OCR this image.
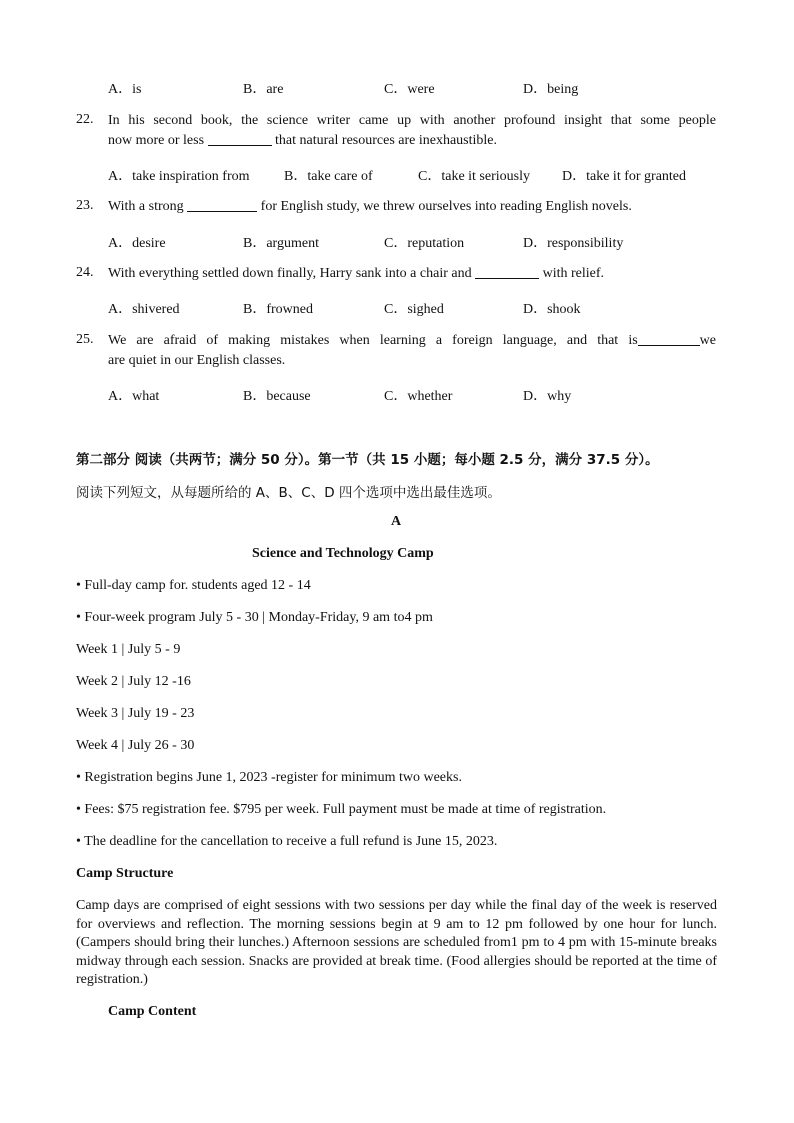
A．is	B．are	C．were	D．being
22. In his second book, the science writer came up with another profound insight that some people
now more or less	that natural resources are inexhaustible.
A．take inspiration from B．take care of	C．take it seriously D．take it for granted
23. With a strong	for English study, we threw ourselves into reading English novels.
A．desire	B．argument	C．reputation	D．responsibility
24. With everything settled down finally, Harry sank into a chair and	with relief.
A．shivered	B．frowned	C．sighed	D．shook
25. We are afraid of making mistakes when learning a foreign language, and that is	we
are quiet in our English classes.
A．what	B．because	C．whether	D．why
第二部分 阅读（共两节；满分 50 分）。第一节（共 15 小题；每小题 2.5 分，满分 37.5 分）。
阅读下列短文，从每题所给的 A、B、C、D 四个选项中选出最佳选项。
A
Science and Technology Camp
• Full-day camp for. students aged 12 - 14
• Four-week program July 5 - 30 | Monday-Friday, 9 am to4 pm
Week 1 | July 5 - 9
Week 2 | July 12 -16
Week 3 | July 19 - 23
Week 4 | July 26 - 30
• Registration begins June 1, 2023 -register for minimum two weeks.
• Fees: $75 registration fee. $795 per week. Full payment must be made at time of registration.
• The deadline for the cancellation to receive a full refund is June 15, 2023.
Camp Structure
Camp days are comprised of eight sessions with two sessions per day while the final day of the week is reserved for overviews and reflection. The morning sessions begin at 9 am to 12 pm followed by one hour for lunch. (Campers should bring their lunches.) Afternoon sessions are scheduled from1 pm to 4 pm with 15-minute breaks midway through each session. Snacks are provided at break time. (Food allergies should be reported at the time of registration.)
Camp Content
